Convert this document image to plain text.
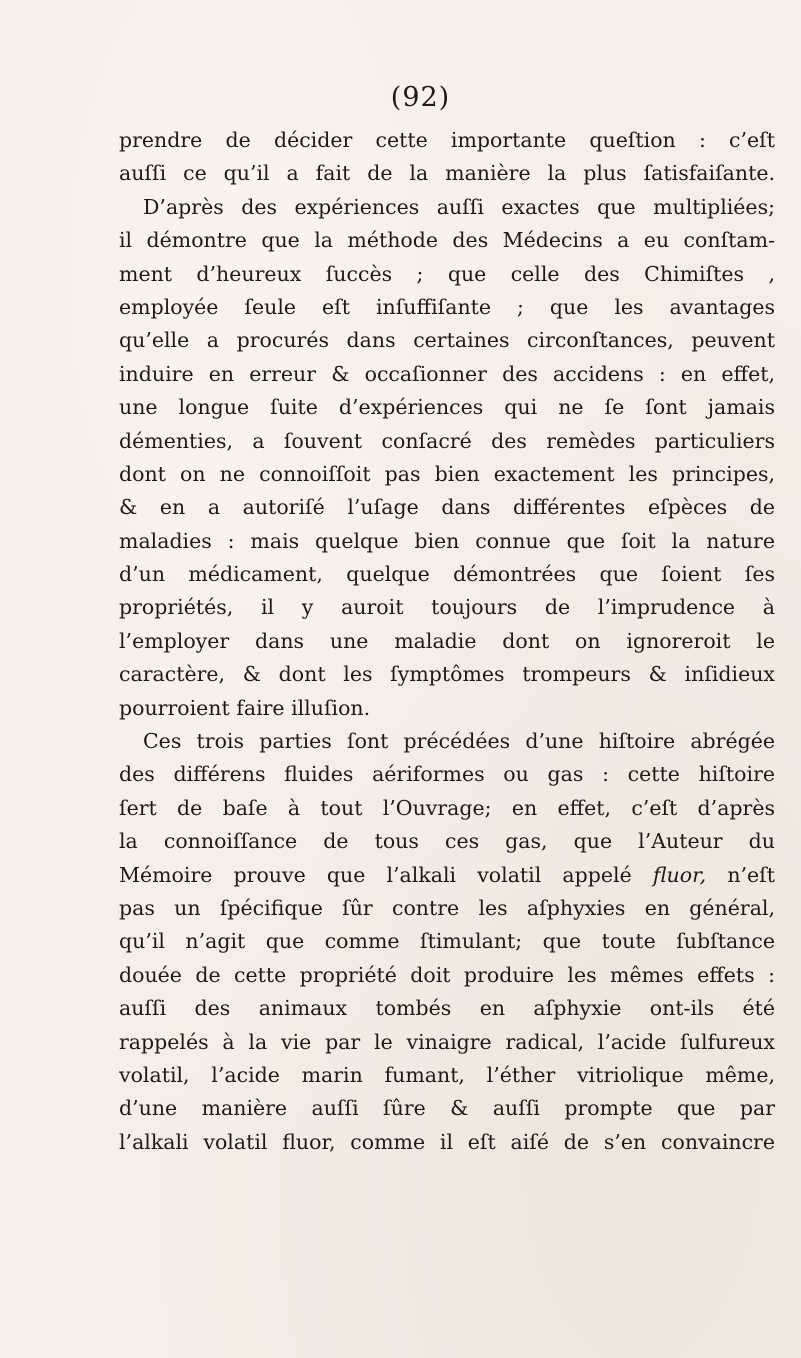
(92)
prendre de décider cette importante queſtion : c’eſt
auſſi ce qu’il a fait de la manière la plus ſatisfaiſante.
D’après des expériences auſſi exactes que multipliées;
il démontre que la méthode des Médecins a eu conſtam-
ment d’heureux ſuccès ; que celle des Chimiſtes ,
employée ſeule eſt inſuffiſante ; que les avantages
qu’elle a procurés dans certaines circonſtances, peuvent
induire en erreur & occaſionner des accidens : en effet,
une longue ſuite d’expériences qui ne ſe ſont jamais
démenties, a ſouvent conſacré des remèdes particuliers
dont on ne connoiſſoit pas bien exactement les principes,
& en a autoriſé l’uſage dans différentes eſpèces de
maladies : mais quelque bien connue que ſoit la nature
d’un médicament, quelque démontrées que ſoient ſes
propriétés, il y auroit toujours de l’imprudence à
l’employer dans une maladie dont on ignoreroit le
caractère, & dont les ſymptômes trompeurs & inſidieux
pourroient faire illuſion.
Ces trois parties ſont précédées d’une hiſtoire abrégée
des différens fluides aériformes ou gas : cette hiſtoire
ſert de baſe à tout l’Ouvrage; en effet, c’eſt d’après
la connoiſſance de tous ces gas, que l’Auteur du
Mémoire prouve que l’alkali volatil appelé fluor, n’eſt
pas un ſpécifique ſûr contre les aſphyxies en général,
qu’il n’agit que comme ſtimulant; que toute ſubſtance
douée de cette propriété doit produire les mêmes effets :
auſſi des animaux tombés en aſphyxie ont-ils été
rappelés à la vie par le vinaigre radical, l’acide ſulfureux
volatil, l’acide marin fumant, l’éther vitriolique même,
d’une manière auſſi ſûre & auſſi prompte que par
l’alkali volatil fluor, comme il eſt aiſé de s’en convaincre
